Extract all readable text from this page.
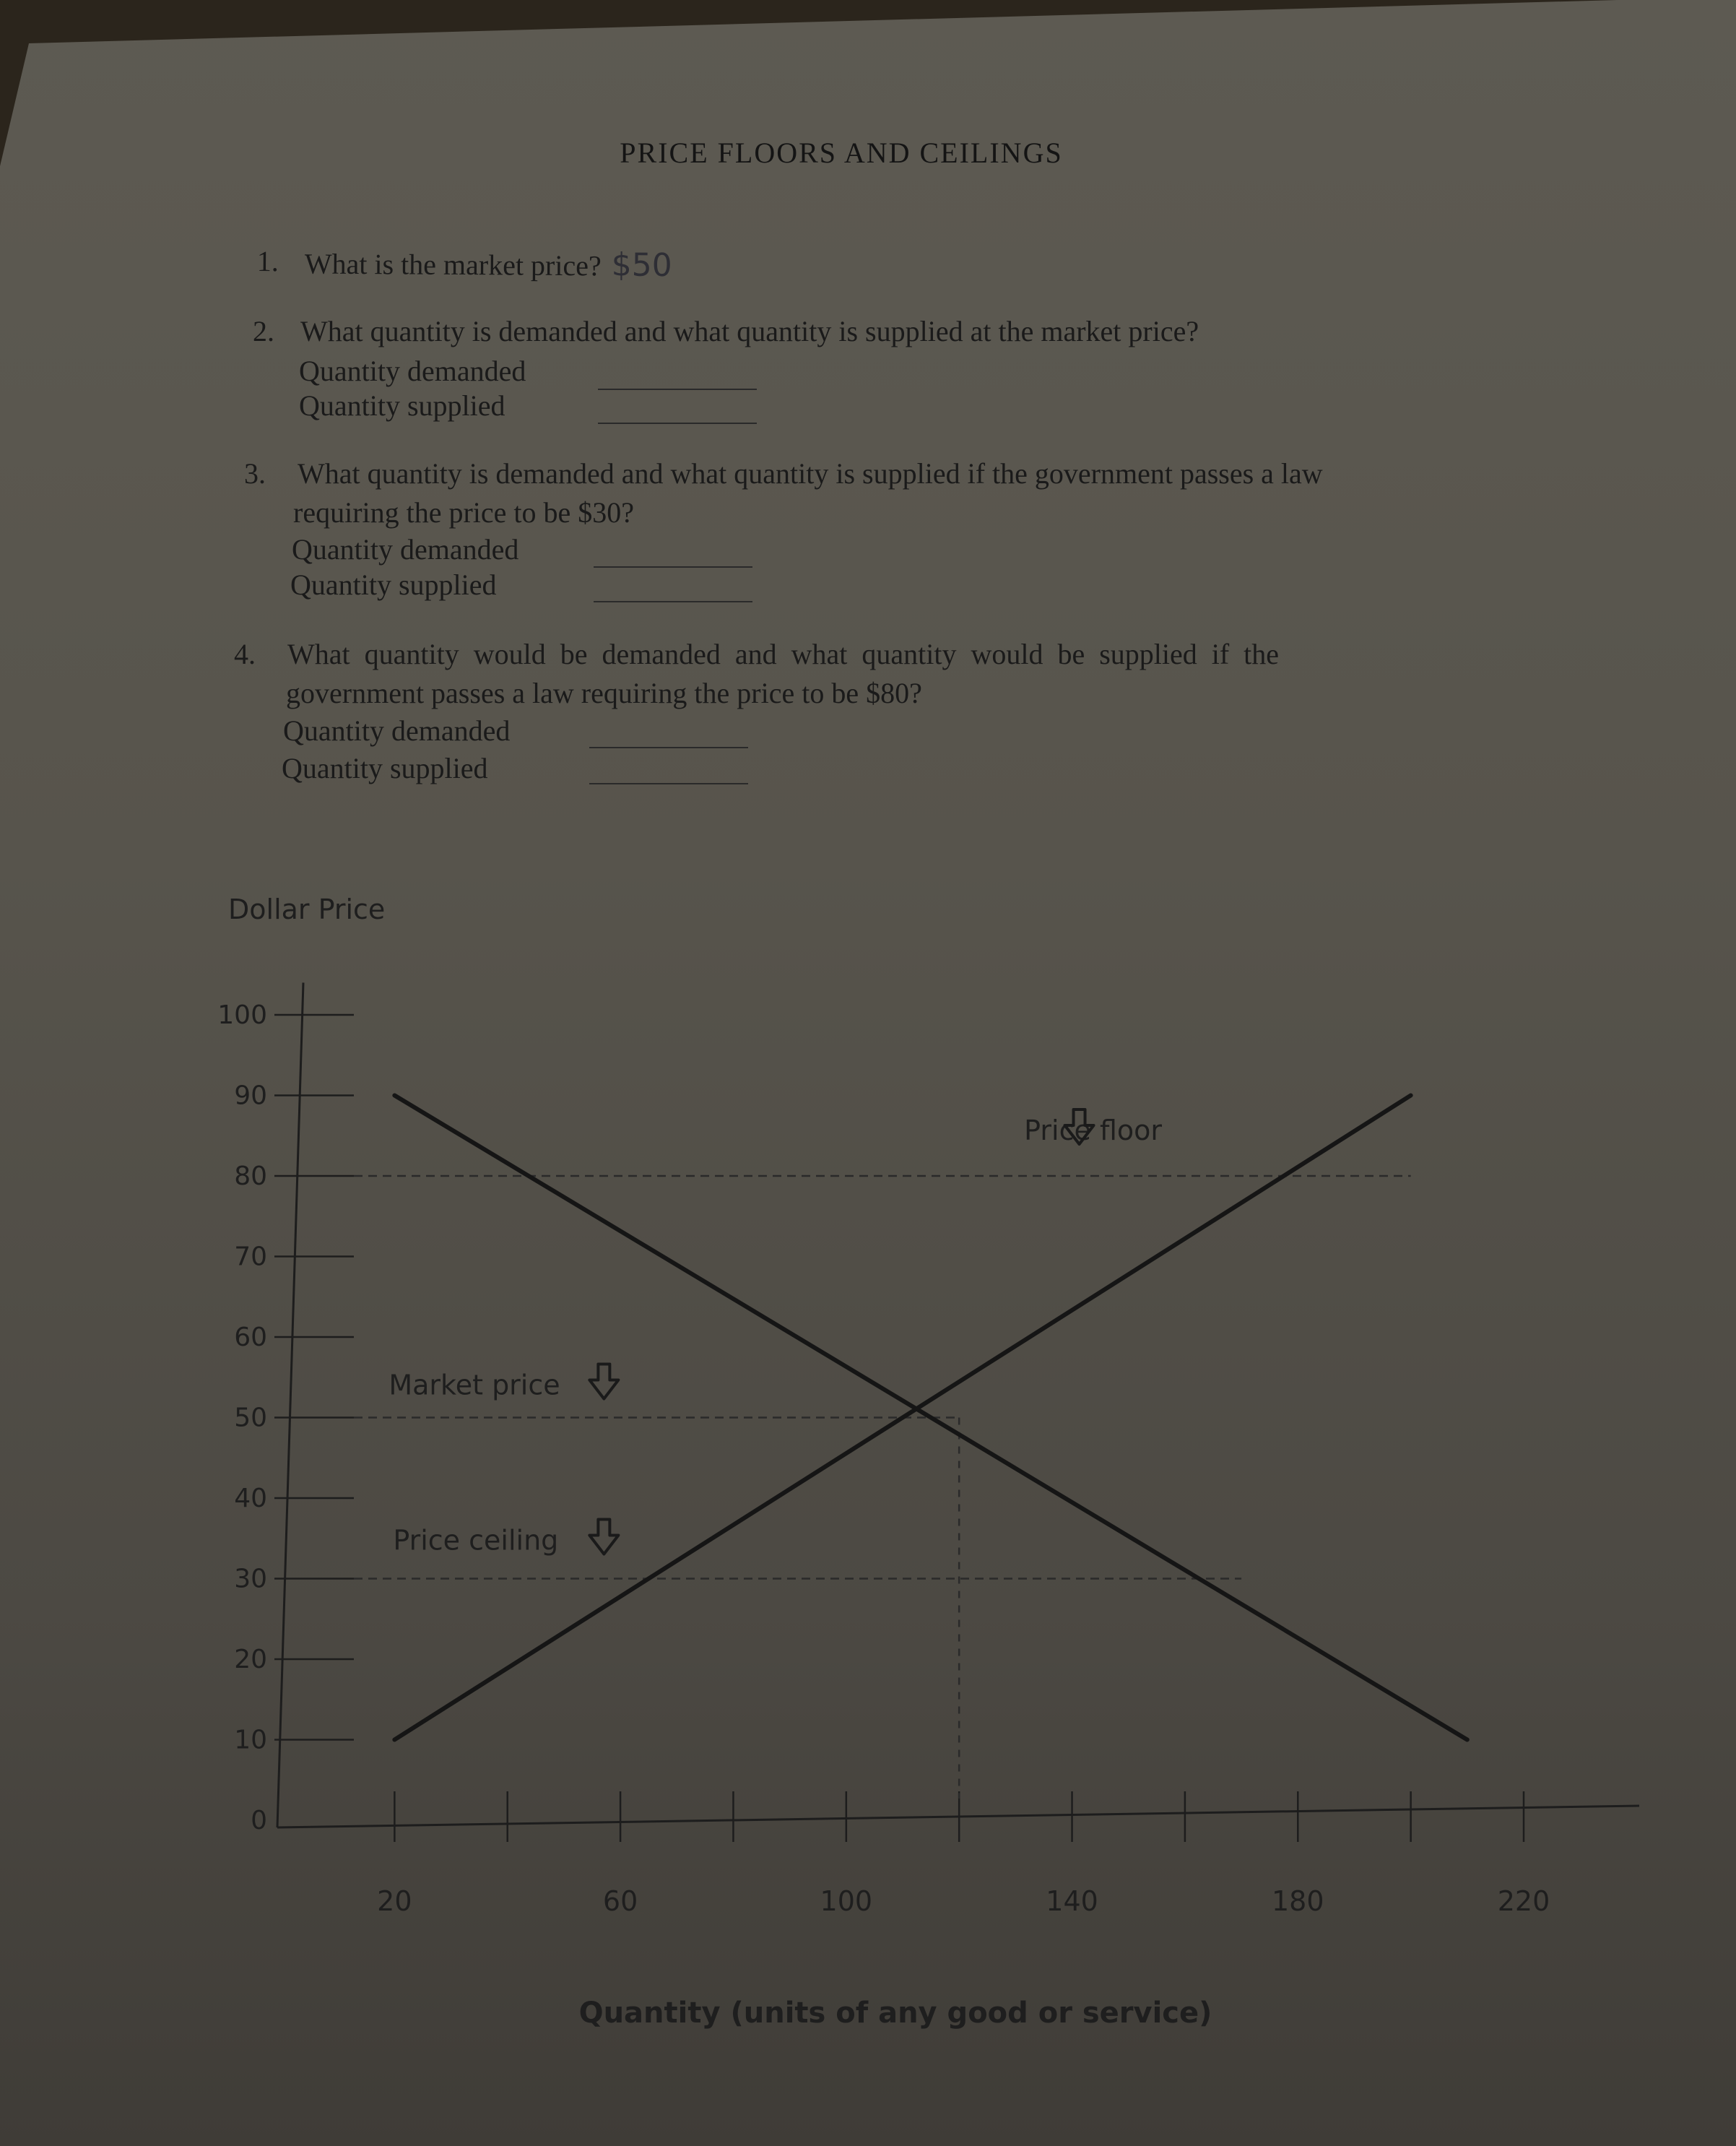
PRICE FLOORS AND CEILINGS
1. What is the market price? $50
2. What quantity is demanded and what quantity is supplied at the market price?
Quantity demanded
Quantity supplied
3. What quantity is demanded and what quantity is supplied if the government passes a law
requiring the price to be $30?
Quantity demanded
Quantity supplied
4. What quantity would be demanded and what quantity would be supplied if the
government passes a law requiring the price to be $80?
Quantity demanded
Quantity supplied
100
90
80
70
60
50
40
30
20
10
0
20	60	100	140	180	220
Price floor
Market price
Price ceiling
Dollar Price
Quantity (units of any good or service)
